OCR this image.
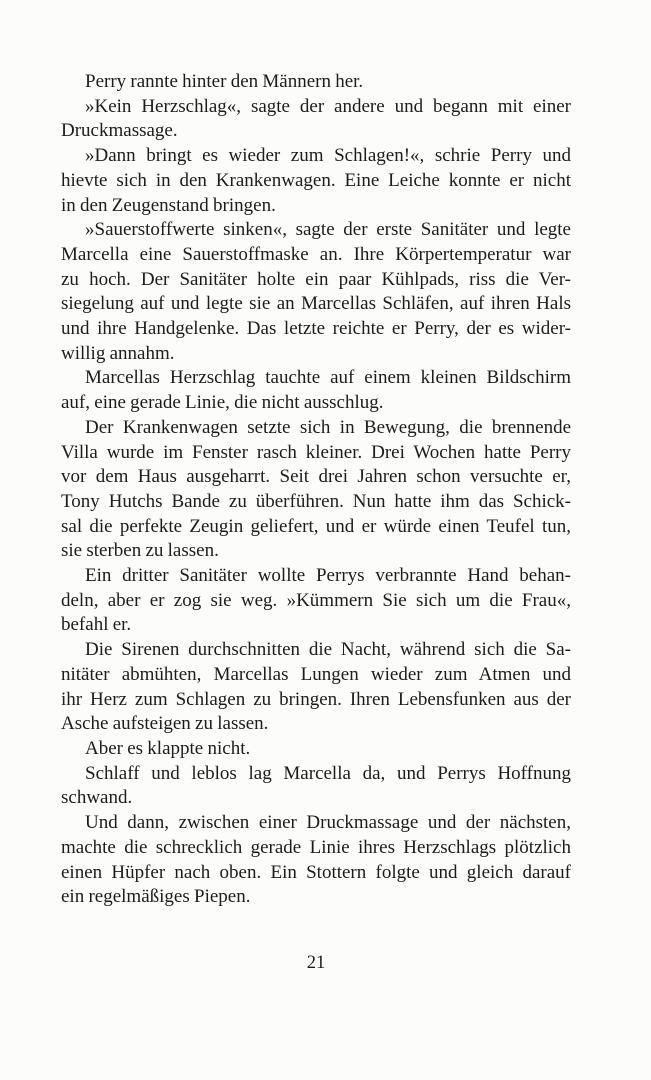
Perry rannte hinter den Männern her.

»Kein Herzschlag«, sagte der andere und begann mit einer
Druckmassage.

»Dann bringt es wieder zum Schlagen!«, schrie Perry und
hievte sich in den Krankenwagen. Eine Leiche konnte er nicht
in den Zeugenstand bringen.

»Sauerstoffwerte sinken«, sagte der erste Sanitäter und legte
Marcella eine Sauerstoffmaske an. Ihre Körpertemperatur war
zu hoch. Der Sanitäter holte ein paar Kühlpads, riss die Ver-
siegelung auf und legte sie an Marcellas Schläfen, auf ihren Hals
und ihre Handgelenke. Das letzte reichte er Perry, der es wider-
willig annahm.

Marcellas Herzschlag tauchte auf einem kleinen Bildschirm
auf, eine gerade Linie, die nicht ausschlug.

Der Krankenwagen setzte sich in Bewegung, die brennende
Villa wurde im Fenster rasch kleiner. Drei Wochen hatte Perry
vor dem Haus ausgeharrt. Seit drei Jahren schon versuchte er,
Tony Hutchs Bande zu überführen. Nun hatte ihm das Schick-
sal die perfekte Zeugin geliefert, und er würde einen Teufel tun,
sie sterben zu lassen.

Ein dritter Sanitäter wollte Perrys verbrannte Hand behan-
deln, aber er zog sie weg. »Kümmern Sie sich um die Frau«,
befahl er.

Die Sirenen durchschnitten die Nacht, während sich die Sa-
nitäter abmühten, Marcellas Lungen wieder zum Atmen und
ihr Herz zum Schlagen zu bringen. Ihren Lebensfunken aus der
Asche aufsteigen zu lassen.

Aber es klappte nicht.

Schlaff und leblos lag Marcella da, und Perrys Hoffnung
schwand.

Und dann, zwischen einer Druckmassage und der nächsten,
machte die schrecklich gerade Linie ihres Herzschlags plötzlich
einen Hüpfer nach oben. Ein Stottern folgte und gleich darauf
ein regelmäßiges Piepen.

21
